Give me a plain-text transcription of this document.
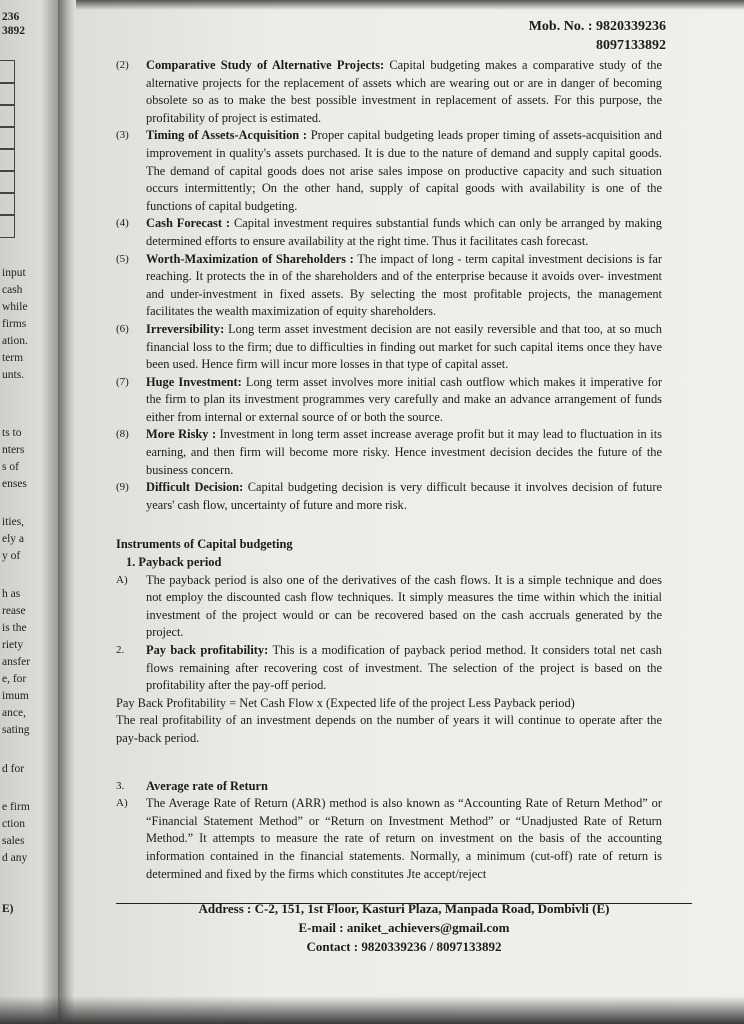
236
3892
input
cash
while
firms
ation.
term
unts.
ts to
nters
s of
enses
ities,
ely a
y of
h as
rease
is the
riety
ansfer
e, for
imum
ance,
sating
d for
e firm
ction
sales
d any
E)
Mob. No. : 9820339236
8097133892
(2) Comparative Study of Alternative Projects: Capital budgeting makes a comparative study of the alternative projects for the replacement of assets which are wearing out or are in danger of becoming obsolete so as to make the best possible investment in replacement of assets. For this purpose, the profitability of project is estimated.
(3) Timing of Assets-Acquisition : Proper capital budgeting leads proper timing of assets-acquisition and improvement in quality's assets purchased. It is due to the nature of demand and supply capital goods. The demand of capital goods does not arise sales impose on productive capacity and such situation occurs intermittently; On the other hand, supply of capital goods with availability is one of the functions of capital budgeting.
(4) Cash Forecast : Capital investment requires substantial funds which can only be arranged by making determined efforts to ensure availability at the right time. Thus it facilitates cash forecast.
(5) Worth-Maximization of Shareholders : The impact of long - term capital investment decisions is far reaching. It protects the in of the shareholders and of the enterprise because it avoids over- investment and under-investment in fixed assets. By selecting the most profitable projects, the management facilitates the wealth maximization of equity shareholders.
(6) Irreversibility: Long term asset investment decision are not easily reversible and that too, at so much financial loss to the firm; due to difficulties in finding out market for such capital items once they have been used. Hence firm will incur more losses in that type of capital asset.
(7) Huge Investment: Long term asset involves more initial cash outflow which makes it imperative for the firm to plan its investment programmes very carefully and make an advance arrangement of funds either from internal or external source of or both the source.
(8) More Risky : Investment in long term asset increase average profit but it may lead to fluctuation in its earning, and then firm will become more risky. Hence investment decision decides the future of the business concern.
(9) Difficult Decision: Capital budgeting decision is very difficult because it involves decision of future years' cash flow, uncertainty of future and more risk.
Instruments of Capital budgeting
1. Payback period
A) The payback period is also one of the derivatives of the cash flows. It is a simple technique and does not employ the discounted cash flow techniques. It simply measures the time within which the initial investment of the project would or can be recovered based on the cash accruals generated by the project.
2. Pay back profitability: This is a modification of payback period method. It considers total net cash flows remaining after recovering cost of investment. The selection of the project is based on the profitability after the pay-off period.
Pay Back Profitability = Net Cash Flow x (Expected life of the project Less Payback period)
The real profitability of an investment depends on the number of years it will continue to operate after the pay-back period.
3. Average rate of Return
A) The Average Rate of Return (ARR) method is also known as “Accounting Rate of Return Method” or “Financial Statement Method” or “Return on Investment Method” or “Unadjusted Rate of Return Method.” It attempts to measure the rate of return on investment on the basis of the accounting information contained in the financial statements. Normally, a minimum (cut-off) rate of return is determined and fixed by the firms which constitutes Jte accept/reject
Address : C-2, 151, 1st Floor, Kasturi Plaza, Manpada Road, Dombivli (E)
E-mail : aniket_achievers@gmail.com
Contact : 9820339236 / 8097133892
